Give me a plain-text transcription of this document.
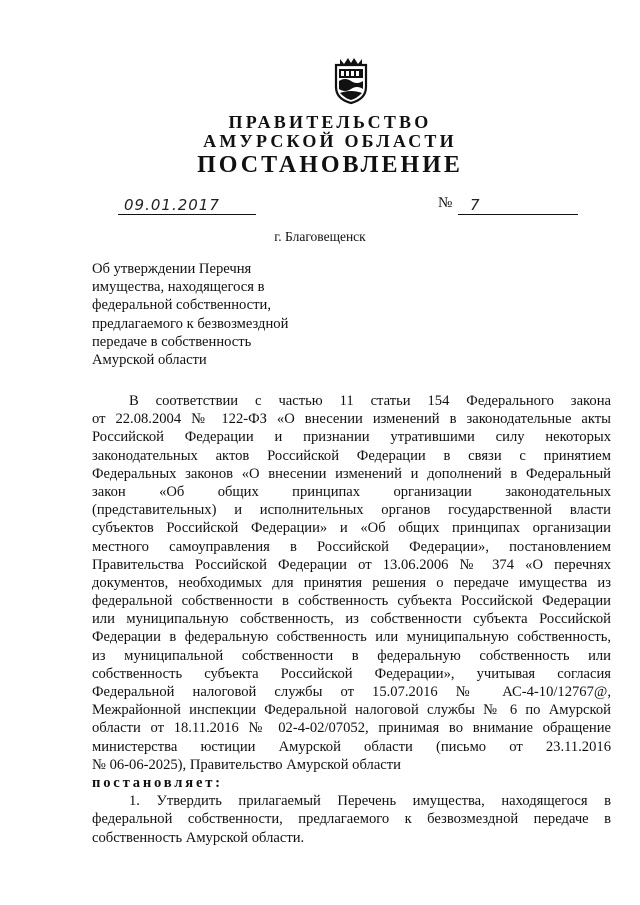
ПРАВИТЕЛЬСТВО
АМУРСКОЙ ОБЛАСТИ
ПОСТАНОВЛЕНИЕ
09.01.2017	№	7
г. Благовещенск
Об утверждении Перечня
имущества, находящегося в
федеральной собственности,
предлагаемого к безвозмездной
передаче в собственность
Амурской области
В соответствии с частью 11 статьи 154 Федерального закона
от 22.08.2004 № 122-ФЗ «О внесении изменений в законодательные акты
Российской Федерации и признании утратившими силу некоторых
законодательных актов Российской Федерации в связи с принятием
Федеральных законов «О внесении изменений и дополнений в Федеральный
закон «Об общих принципах организации законодательных
(представительных) и исполнительных органов государственной власти
субъектов Российской Федерации» и «Об общих принципах организации
местного самоуправления в Российской Федерации», постановлением
Правительства Российской Федерации от 13.06.2006 № 374 «О перечнях
документов, необходимых для принятия решения о передаче имущества из
федеральной собственности в собственность субъекта Российской Федерации
или муниципальную собственность, из собственности субъекта Российской
Федерации в федеральную собственность или муниципальную собственность,
из муниципальной собственности в федеральную собственность или
собственность субъекта Российской Федерации», учитывая согласия
Федеральной налоговой службы от 15.07.2016 № АС-4-10/12767@,
Межрайонной инспекции Федеральной налоговой службы № 6 по Амурской
области от 18.11.2016 № 02-4-02/07052, принимая во внимание обращение
министерства юстиции Амурской области (письмо от 23.11.2016
№ 06-06-2025), Правительство Амурской области
постановляет:
1. Утвердить прилагаемый Перечень имущества, находящегося в
федеральной собственности, предлагаемого к безвозмездной передаче в
собственность Амурской области.
